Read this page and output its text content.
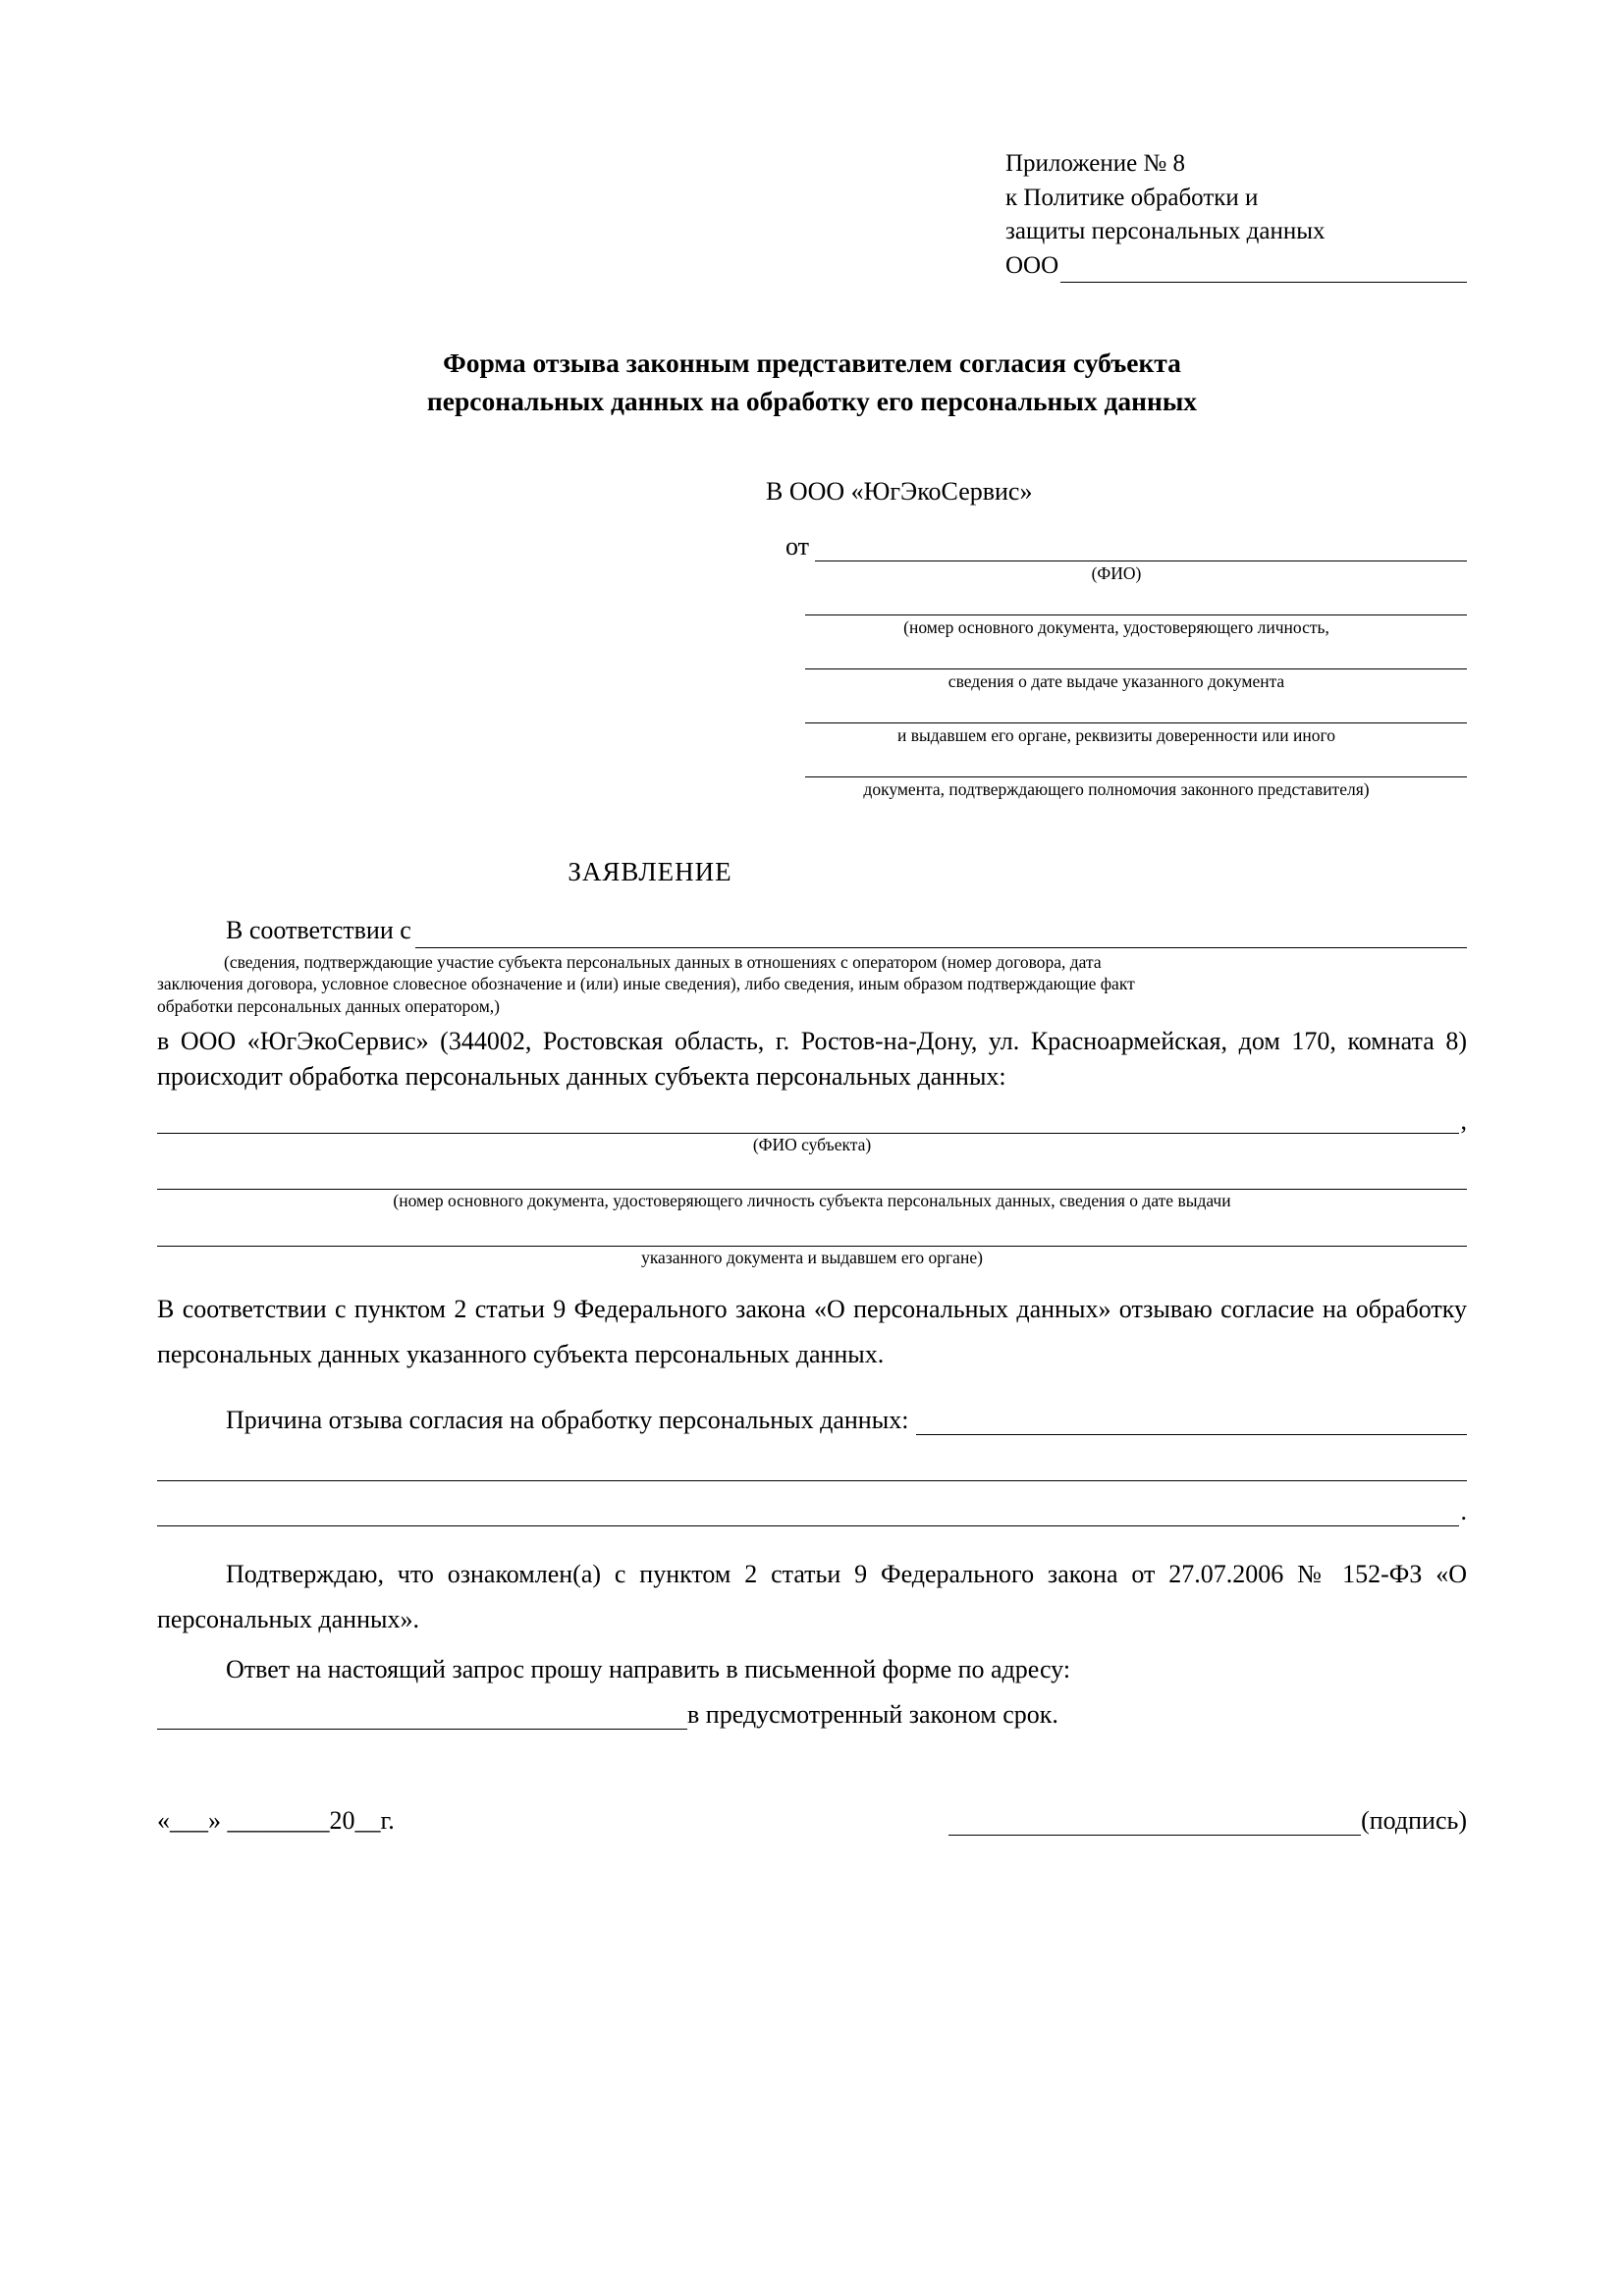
Приложение № 8
к Политике обработки и
защиты персональных данных
ООО
Форма отзыва законным представителем согласия субъекта
персональных данных на обработку его персональных данных
В ООО «ЮгЭкоСервис»
от
(ФИО)
(номер основного документа, удостоверяющего личность,
сведения о дате выдаче указанного документа
и выдавшем его органе, реквизиты доверенности или иного
документа, подтверждающего полномочия законного представителя)
ЗАЯВЛЕНИЕ
В соответствии с
(сведения, подтверждающие участие субъекта персональных данных в отношениях с оператором (номер договора, дата
заключения договора, условное словесное обозначение и (или) иные сведения), либо сведения, иным образом подтверждающие факт
обработки персональных данных оператором,)
в ООО «ЮгЭкоСервис» (344002, Ростовская область, г. Ростов-на-Дону, ул. Красноармейская, дом 170, комната 8) происходит обработка персональных данных субъекта персональных данных:
,
(ФИО субъекта)
(номер основного документа, удостоверяющего личность субъекта персональных данных, сведения о дате выдачи
указанного документа и выдавшем его органе)
В соответствии с пунктом 2 статьи 9 Федерального закона «О персональных данных» отзываю согласие на обработку персональных данных указанного субъекта персональных данных.
Причина отзыва согласия на обработку персональных данных:
.
Подтверждаю, что ознакомлен(а) с пунктом 2 статьи 9 Федерального закона от 27.07.2006 № 152-ФЗ «О персональных данных».
Ответ на настоящий запрос прошу направить в письменной форме по адресу:
в предусмотренный законом срок.
«___» ________20__г.	(подпись)
